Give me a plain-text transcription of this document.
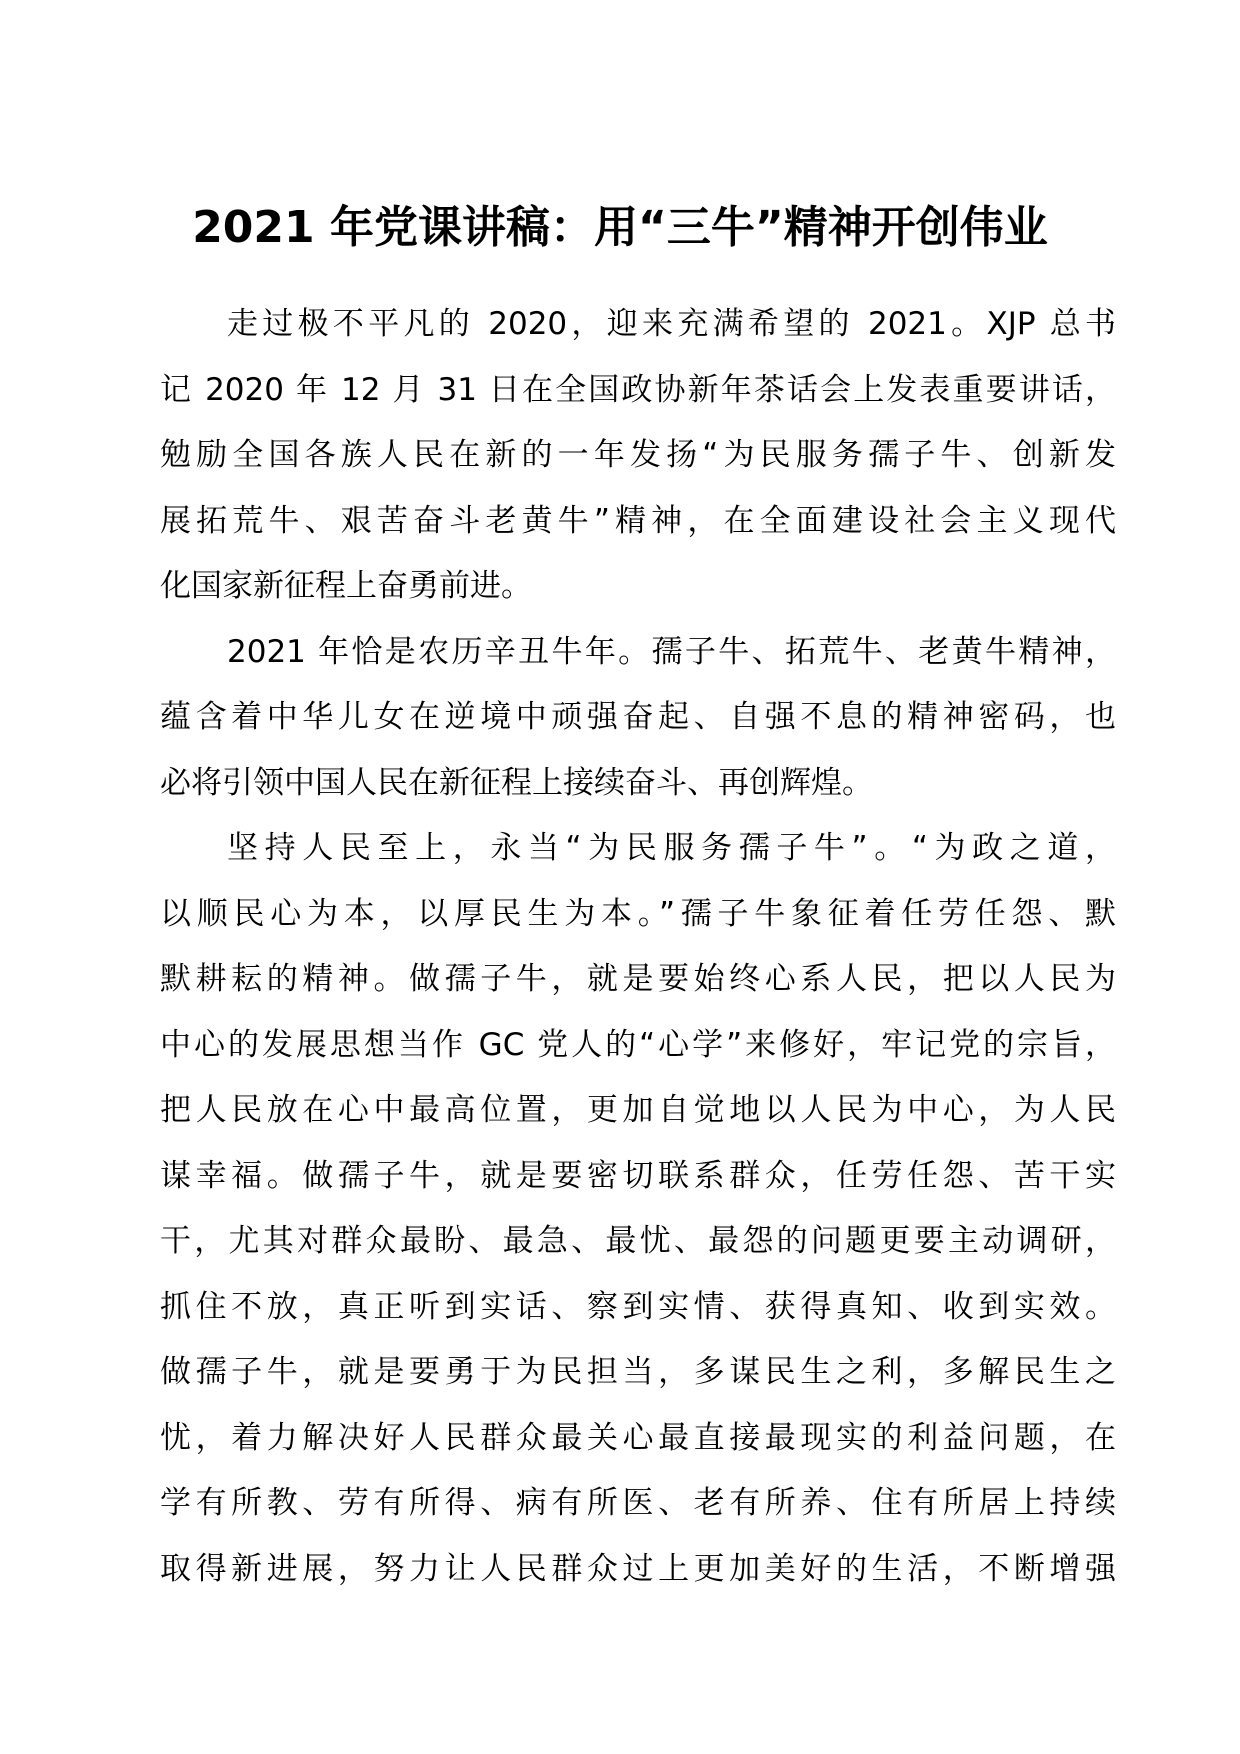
2021 年党课讲稿：用“三牛”精神开创伟业

走过极不平凡的 2020，迎来充满希望的 2021。XJP 总书
记 2020 年 12 月 31 日在全国政协新年茶话会上发表重要讲话，
勉励全国各族人民在新的一年发扬“为民服务孺子牛、创新发
展拓荒牛、艰苦奋斗老黄牛”精神，在全面建设社会主义现代
化国家新征程上奋勇前进。

2021 年恰是农历辛丑牛年。孺子牛、拓荒牛、老黄牛精神，
蕴含着中华儿女在逆境中顽强奋起、自强不息的精神密码，也
必将引领中国人民在新征程上接续奋斗、再创辉煌。

坚持人民至上，永当“为民服务孺子牛”。“为政之道，
以顺民心为本，以厚民生为本。”孺子牛象征着任劳任怨、默
默耕耘的精神。做孺子牛，就是要始终心系人民，把以人民为
中心的发展思想当作 GC 党人的“心学”来修好，牢记党的宗旨，
把人民放在心中最高位置，更加自觉地以人民为中心，为人民
谋幸福。做孺子牛，就是要密切联系群众，任劳任怨、苦干实
干，尤其对群众最盼、最急、最忧、最怨的问题更要主动调研，
抓住不放，真正听到实话、察到实情、获得真知、收到实效。
做孺子牛，就是要勇于为民担当，多谋民生之利，多解民生之
忧，着力解决好人民群众最关心最直接最现实的利益问题，在
学有所教、劳有所得、病有所医、老有所养、住有所居上持续
取得新进展，努力让人民群众过上更加美好的生活，不断增强
